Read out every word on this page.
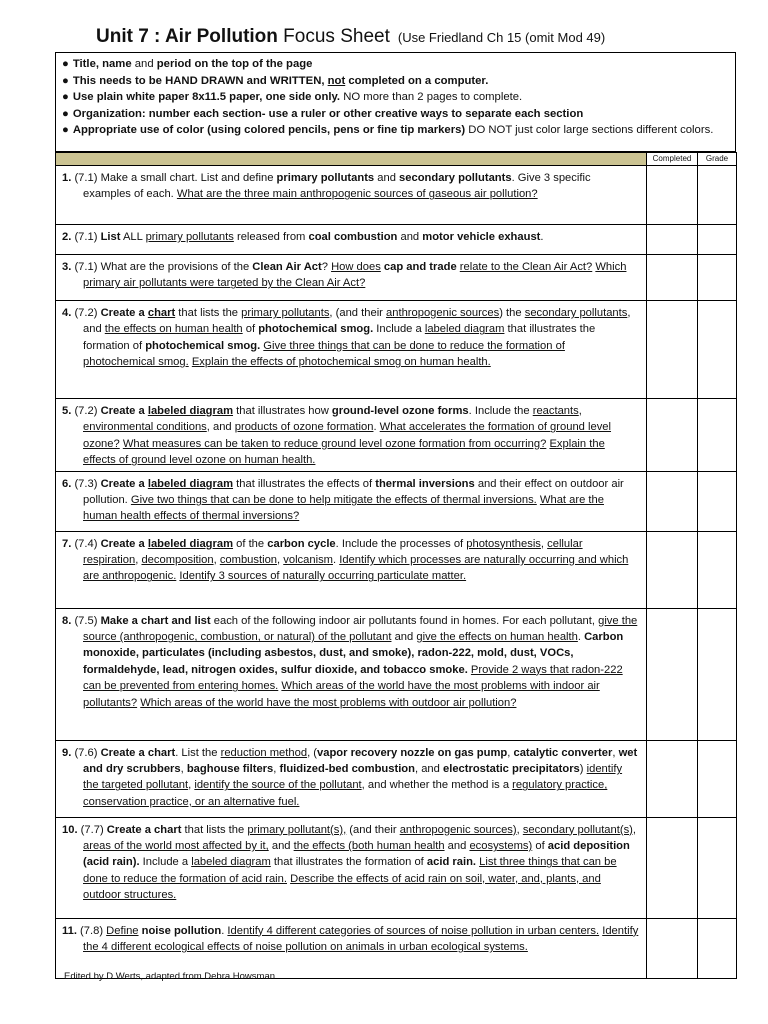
Unit 7 : Air Pollution Focus Sheet (Use Friedland Ch 15 (omit Mod 49)
● Title, name and period on the top of the page
● This needs to be HAND DRAWN and WRITTEN, not completed on a computer.
● Use plain white paper 8x11.5 paper, one side only. NO more than 2 pages to complete.
● Organization: number each section- use a ruler or other creative ways to separate each section
● Appropriate use of color (using colored pencils, pens or fine tip markers) DO NOT just color large sections different colors.
	Completed	Grade

1. (7.1) Make a small chart. List and define primary pollutants and secondary pollutants. Give 3 specific examples of each. What are the three main anthropogenic sources of gaseous air pollution?		

2. (7.1) List ALL primary pollutants released from coal combustion and motor vehicle exhaust.		

3. (7.1) What are the provisions of the Clean Air Act? How does cap and trade relate to the Clean Air Act? Which primary air pollutants were targeted by the Clean Air Act?		

4. (7.2) Create a chart that lists the primary pollutants, (and their anthropogenic sources) the secondary pollutants, and the effects on human health of photochemical smog. Include a labeled diagram that illustrates the formation of photochemical smog. Give three things that can be done to reduce the formation of photochemical smog. Explain the effects of photochemical smog on human health.		

5. (7.2) Create a labeled diagram that illustrates how ground-level ozone forms. Include the reactants, environmental conditions, and products of ozone formation. What accelerates the formation of ground level ozone? What measures can be taken to reduce ground level ozone formation from occurring? Explain the effects of ground level ozone on human health.		

6. (7.3) Create a labeled diagram that illustrates the effects of thermal inversions and their effect on outdoor air pollution. Give two things that can be done to help mitigate the effects of thermal inversions. What are the human health effects of thermal inversions?		

7. (7.4) Create a labeled diagram of the carbon cycle. Include the processes of photosynthesis, cellular respiration, decomposition, combustion, volcanism. Identify which processes are naturally occurring and which are anthropogenic. Identify 3 sources of naturally occurring particulate matter.		

8. (7.5) Make a chart and list each of the following indoor air pollutants found in homes. For each pollutant, give the source (anthropogenic, combustion, or natural) of the pollutant and give the effects on human health. Carbon monoxide, particulates (including asbestos, dust, and smoke), radon-222, mold, dust, VOCs, formaldehyde, lead, nitrogen oxides, sulfur dioxide, and tobacco smoke. Provide 2 ways that radon-222 can be prevented from entering homes. Which areas of the world have the most problems with indoor air pollutants? Which areas of the world have the most problems with outdoor air pollution?		

9. (7.6) Create a chart. List the reduction method, (vapor recovery nozzle on gas pump, catalytic converter, wet and dry scrubbers, baghouse filters, fluidized-bed combustion, and electrostatic precipitators) identify the targeted pollutant, identify the source of the pollutant, and whether the method is a regulatory practice, conservation practice, or an alternative fuel.		

10. (7.7) Create a chart that lists the primary pollutant(s), (and their anthropogenic sources), secondary pollutant(s), areas of the world most affected by it, and the effects (both human health and ecosystems) of acid deposition (acid rain). Include a labeled diagram that illustrates the formation of acid rain. List three things that can be done to reduce the formation of acid rain. Describe the effects of acid rain on soil, water, and, plants, and outdoor structures.		

11. (7.8) Define noise pollution. Identify 4 different categories of sources of noise pollution in urban centers. Identify the 4 different ecological effects of noise pollution on animals in urban ecological systems.		

Edited by D Werts, adapted from Debra Howsman
